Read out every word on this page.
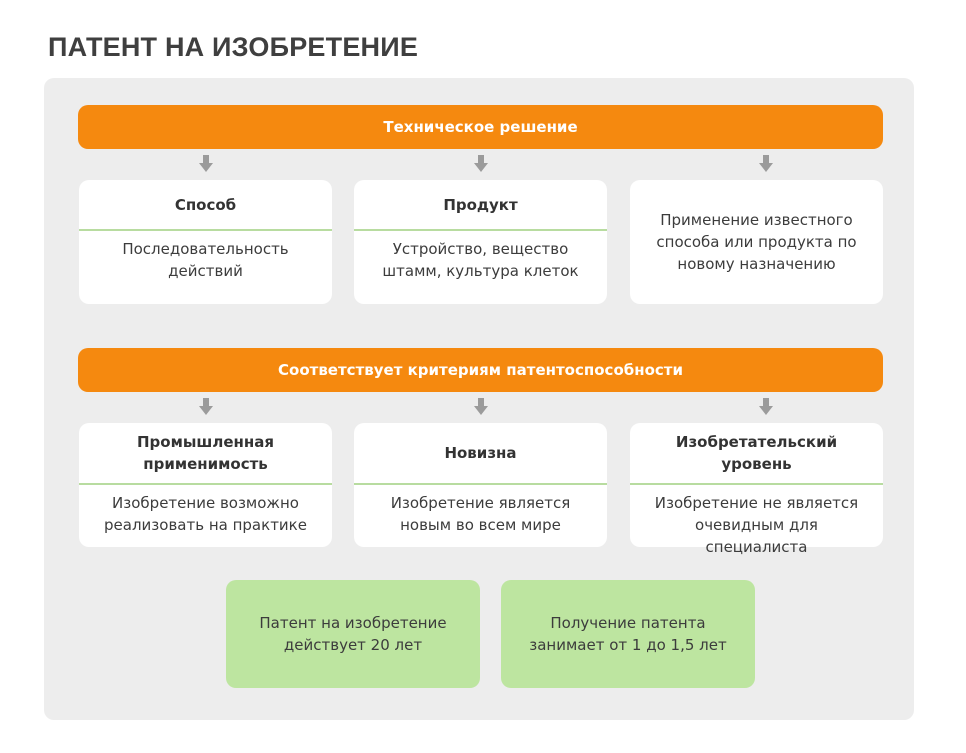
ПАТЕНТ НА ИЗОБРЕТЕНИЕ
Техническое решение
Способ
Последовательность действий
Продукт
Устройство, вещество штамм, культура клеток
Применение известного способа или продукта по новому назначению
Соответствует критериям патентоспособности
Промышленная применимость
Изобретение возможно реализовать на практике
Новизна
Изобретение является новым во всем мире
Изобретательский уровень
Изобретение не является очевидным для специалиста
Патент на изобретение действует 20 лет
Получение патента занимает от 1 до 1,5 лет
